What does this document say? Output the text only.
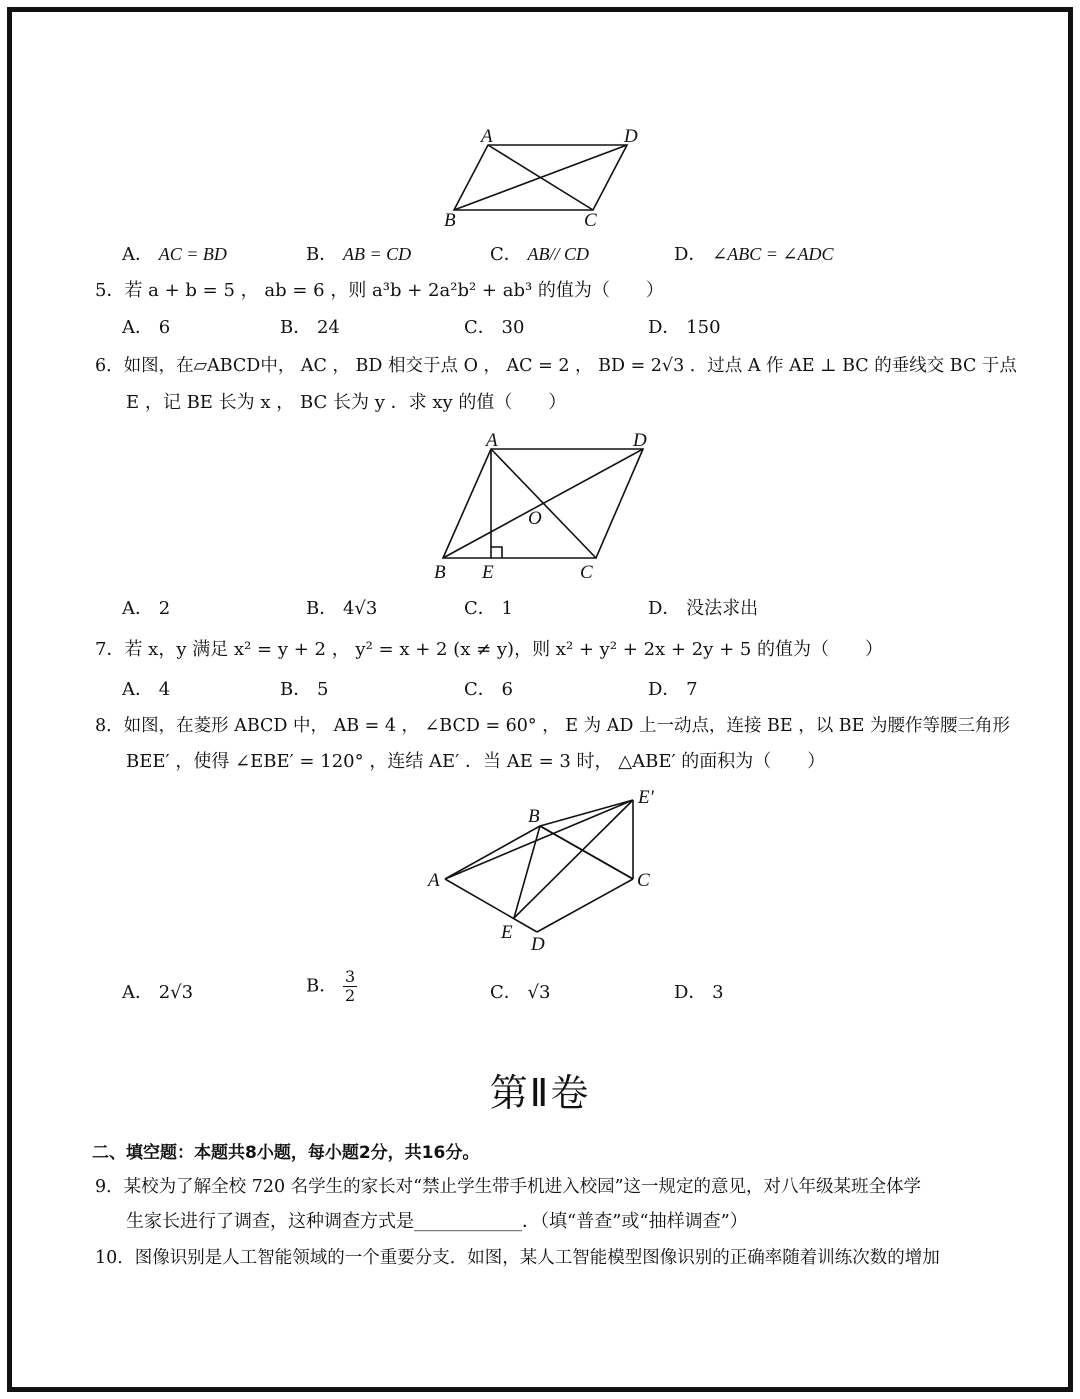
A	D
B	C
A	D
O
B E	C
B
E′
A	C
E
D
A． AC = BD	B． AB = CD	C． AB// CD	D． ∠ABC = ∠ADC
5．若 a + b = 5 ， ab = 6 ，则 a³b + 2a²b² + ab³ 的值为（　　）
A． 6	B． 24	C． 30	D． 150
6．如图，在▱ABCD中， AC ， BD 相交于点 O ， AC = 2 ， BD = 2√3 ．过点 A 作 AE ⊥ BC 的垂线交 BC 于点
E ，记 BE 长为 x ， BC 长为 y ．求 xy 的值（　　）
A． 2	B． 4√3	C． 1	D． 没法求出
7．若 x，y 满足 x² = y + 2 ， y² = x + 2 (x ≠ y)，则 x² + y² + 2x + 2y + 5 的值为（　　）
A． 4	B． 5	C． 6	D． 7
8．如图，在菱形 ABCD 中， AB = 4 ， ∠BCD = 60° ， E 为 AD 上一动点，连接 BE ，以 BE 为腰作等腰三角形
BEE′ ，使得 ∠EBE′ = 120° ，连结 AE′ ．当 AE = 3 时， △ABE′ 的面积为（　　）
A． 2√3	B． $\frac{3}{2}$	C． √3	D． 3
第Ⅱ卷
二、填空题：本题共8小题，每小题2分，共16分。
9．某校为了解全校 720 名学生的家长对“禁止学生带手机进入校园”这一规定的意见，对八年级某班全体学
生家长进行了调查，这种调查方式是____________．（填“普查”或“抽样调查”）
10．图像识别是人工智能领域的一个重要分支．如图，某人工智能模型图像识别的正确率随着训练次数的增加
